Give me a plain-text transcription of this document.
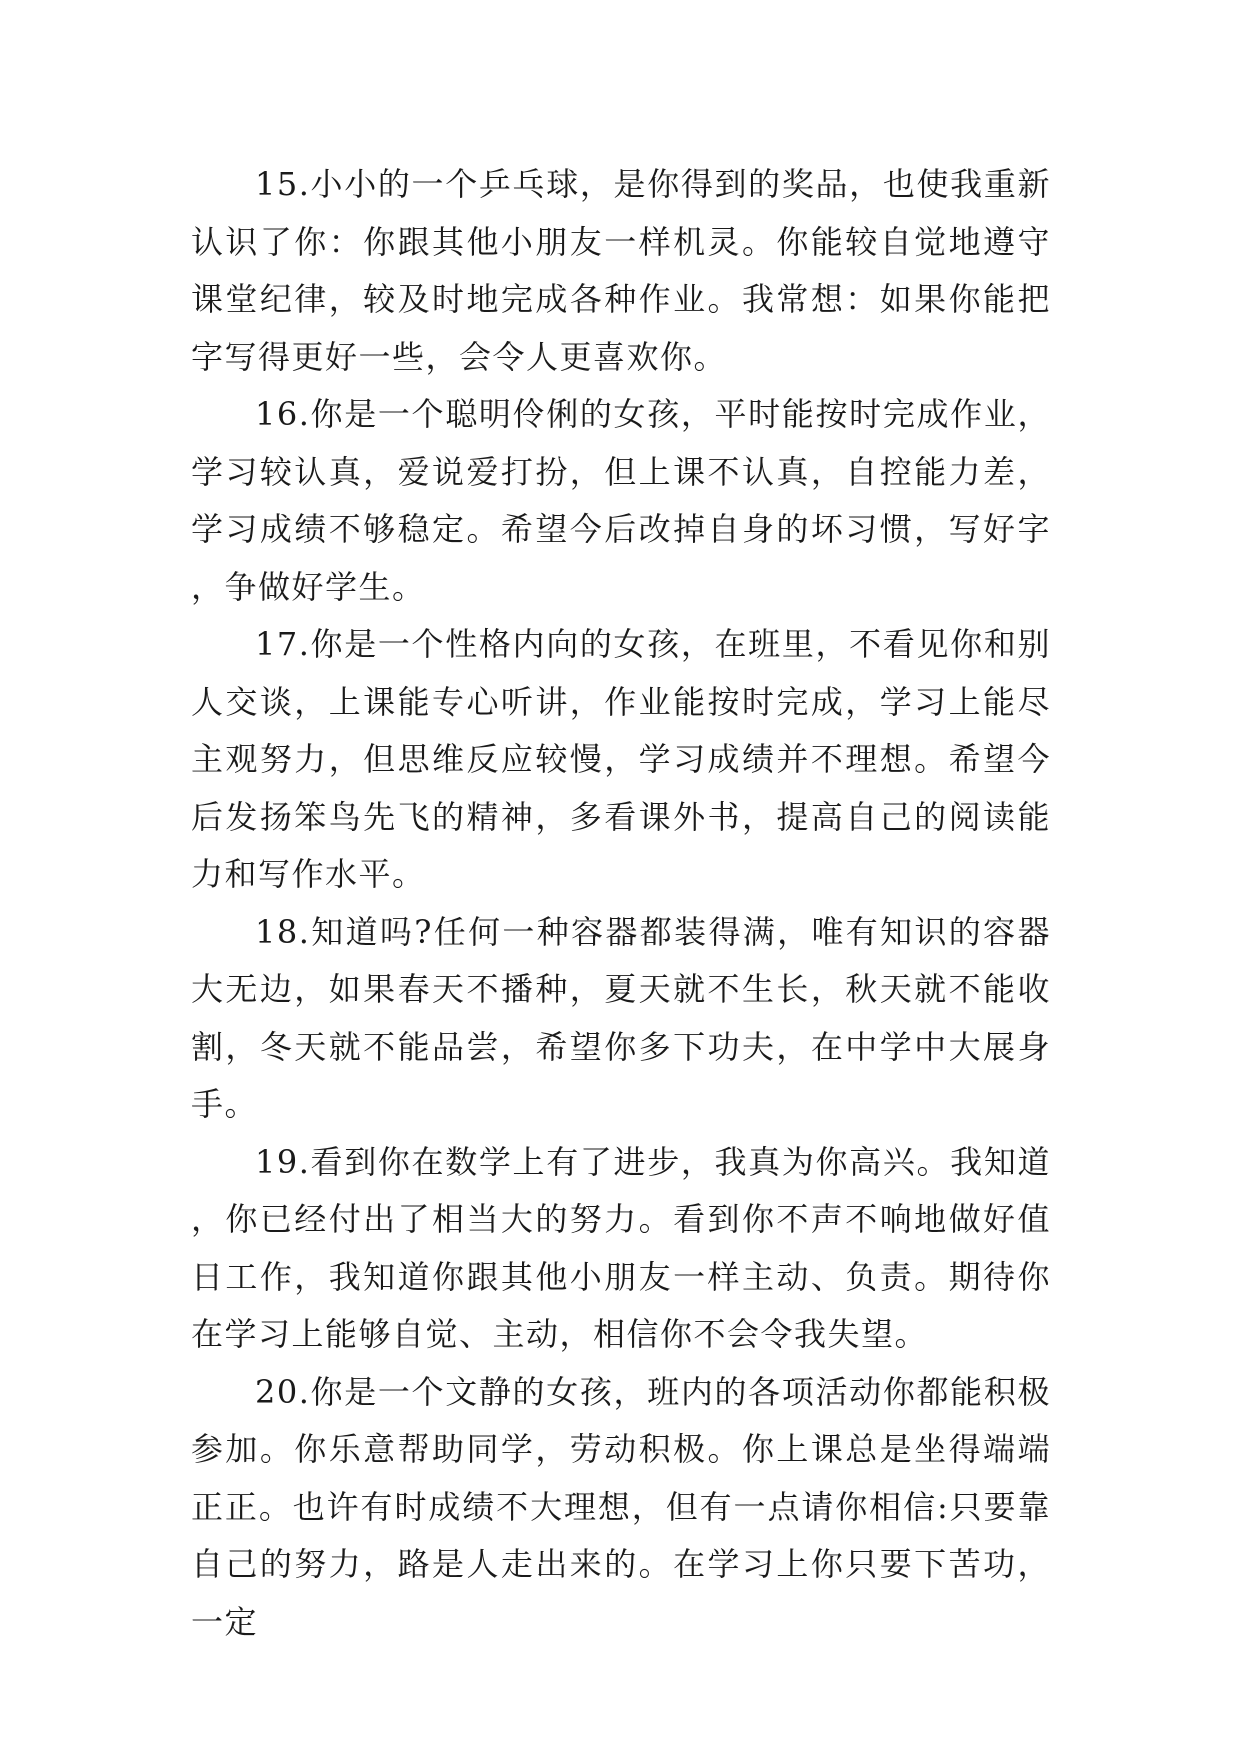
15.小小的一个乒乓球，是你得到的奖品，也使我重新认识了你：你跟其他小朋友一样机灵。你能较自觉地遵守课堂纪律，较及时地完成各种作业。我常想：如果你能把字写得更好一些，会令人更喜欢你。

16.你是一个聪明伶俐的女孩，平时能按时完成作业，学习较认真，爱说爱打扮，但上课不认真，自控能力差，学习成绩不够稳定。希望今后改掉自身的坏习惯，写好字，争做好学生。

17.你是一个性格内向的女孩，在班里，不看见你和别人交谈，上课能专心听讲，作业能按时完成，学习上能尽主观努力，但思维反应较慢，学习成绩并不理想。希望今后发扬笨鸟先飞的精神，多看课外书，提高自己的阅读能力和写作水平。

18.知道吗?任何一种容器都装得满，唯有知识的容器大无边，如果春天不播种，夏天就不生长，秋天就不能收割，冬天就不能品尝，希望你多下功夫，在中学中大展身手。

19.看到你在数学上有了进步，我真为你高兴。我知道，你已经付出了相当大的努力。看到你不声不响地做好值日工作，我知道你跟其他小朋友一样主动、负责。期待你在学习上能够自觉、主动，相信你不会令我失望。

20.你是一个文静的女孩，班内的各项活动你都能积极参加。你乐意帮助同学，劳动积极。你上课总是坐得端端正正。也许有时成绩不大理想，但有一点请你相信:只要靠自己的努力，路是人走出来的。在学习上你只要下苦功，一定
